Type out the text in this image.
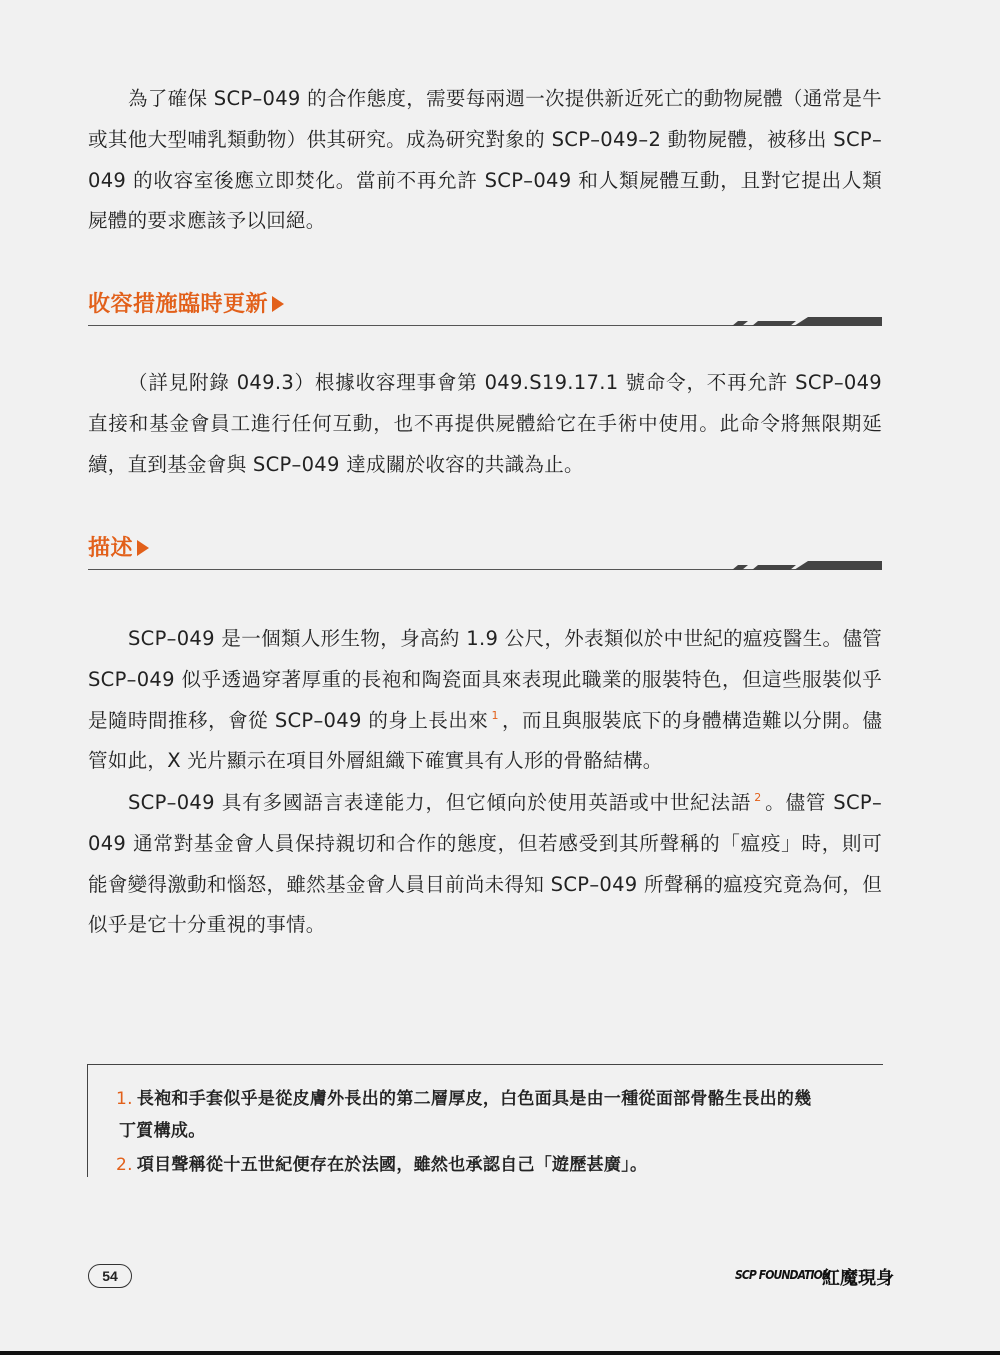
為了確保 SCP–049 的合作態度，需要每兩週一次提供新近死亡的動物屍體（通常是牛或其他大型哺乳類動物）供其研究。成為研究對象的 SCP–049–2 動物屍體，被移出 SCP–049 的收容室後應立即焚化。當前不再允許 SCP–049 和人類屍體互動，且對它提出人類屍體的要求應該予以回絕。

收容措施臨時更新

（詳見附錄 049.3）根據收容理事會第 049.S19.17.1 號命令，不再允許 SCP–049 直接和基金會員工進行任何互動，也不再提供屍體給它在手術中使用。此命令將無限期延續，直到基金會與 SCP–049 達成關於收容的共識為止。

描述

SCP–049 是一個類人形生物，身高約 1.9 公尺，外表類似於中世紀的瘟疫醫生。儘管 SCP–049 似乎透過穿著厚重的長袍和陶瓷面具來表現此職業的服裝特色，但這些服裝似乎是隨時間推移，會從 SCP–049 的身上長出來 $^1$ ，而且與服裝底下的身體構造難以分開。儘管如此，X 光片顯示在項目外層組織下確實具有人形的骨骼結構。

SCP–049 具有多國語言表達能力，但它傾向於使用英語或中世紀法語 $^2$ 。儘管 SCP–049 通常對基金會人員保持親切和合作的態度，但若感受到其所聲稱的「瘟疫」時，則可能會變得激動和惱怒，雖然基金會人員目前尚未得知 SCP–049 所聲稱的瘟疫究竟為何，但似乎是它十分重視的事情。

1. 長袍和手套似乎是從皮膚外長出的第二層厚皮，白色面具是由一種從面部骨骼生長出的幾
丁質構成。

2. 項目聲稱從十五世紀便存在於法國，雖然也承認自己「遊歷甚廣」。

54	SCP FOUNDATION
紅魔現身
